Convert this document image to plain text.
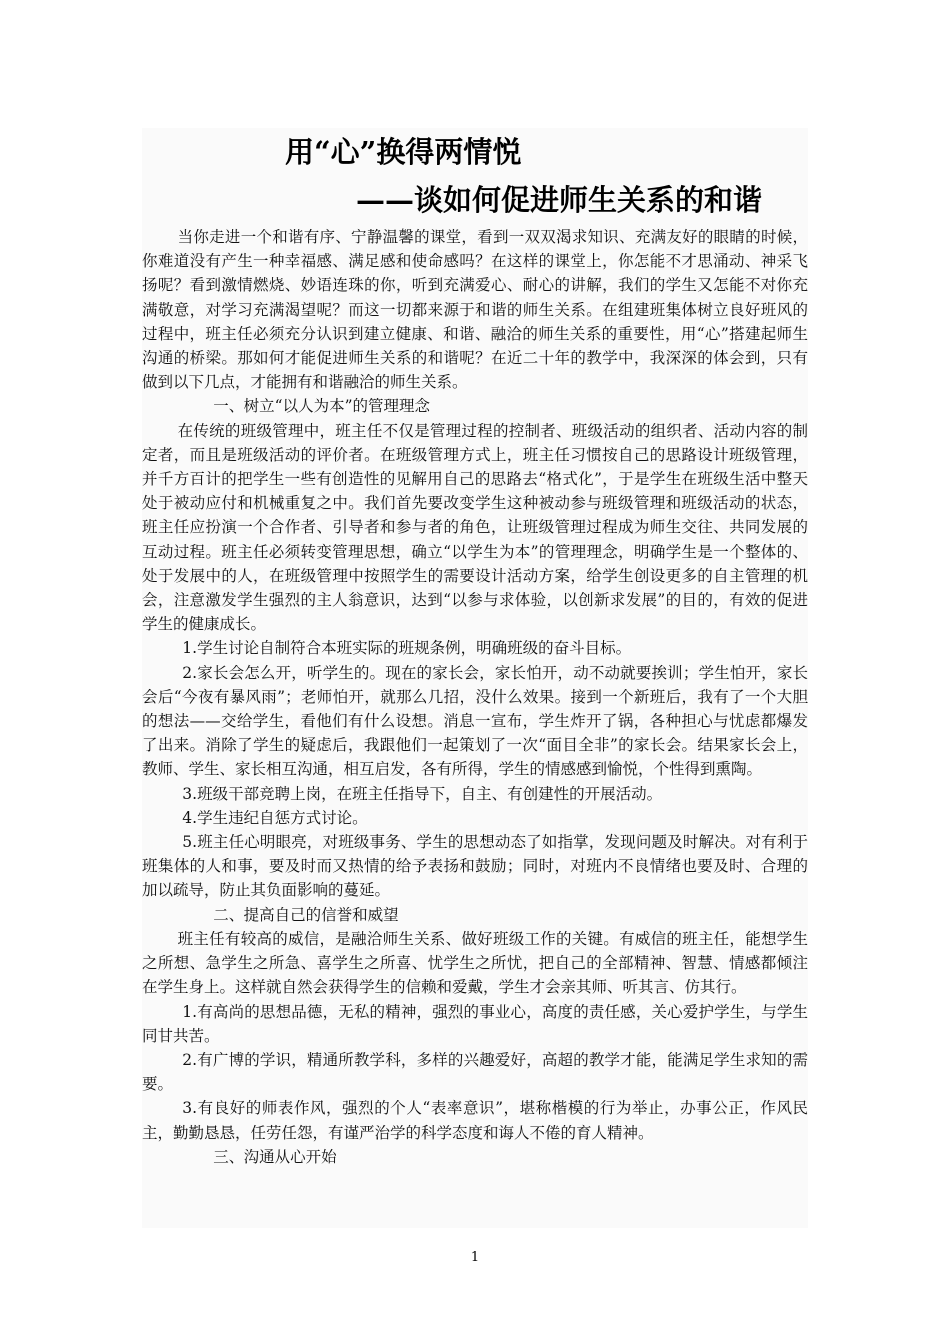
用“心”换得两情悦
——谈如何促进师生关系的和谐

当你走进一个和谐有序、宁静温馨的课堂，看到一双双渴求知识、充满友好的眼睛的时候，你难道没有产生一种幸福感、满足感和使命感吗？在这样的课堂上，你怎能不才思涌动、神采飞扬呢？看到激情燃烧、妙语连珠的你，听到充满爱心、耐心的讲解，我们的学生又怎能不对你充满敬意，对学习充满渴望呢？而这一切都来源于和谐的师生关系。在组建班集体树立良好班风的过程中，班主任必须充分认识到建立健康、和谐、融洽的师生关系的重要性，用“心”搭建起师生沟通的桥梁。那如何才能促进师生关系的和谐呢？在近二十年的教学中，我深深的体会到，只有做到以下几点，才能拥有和谐融洽的师生关系。

一、树立“以人为本”的管理理念

在传统的班级管理中，班主任不仅是管理过程的控制者、班级活动的组织者、活动内容的制定者，而且是班级活动的评价者。在班级管理方式上，班主任习惯按自己的思路设计班级管理，并千方百计的把学生一些有创造性的见解用自己的思路去“格式化”，于是学生在班级生活中整天处于被动应付和机械重复之中。我们首先要改变学生这种被动参与班级管理和班级活动的状态，班主任应扮演一个合作者、引导者和参与者的角色，让班级管理过程成为师生交往、共同发展的互动过程。班主任必须转变管理思想，确立“以学生为本”的管理理念，明确学生是一个整体的、处于发展中的人，在班级管理中按照学生的需要设计活动方案，给学生创设更多的自主管理的机会，注意激发学生强烈的主人翁意识，达到“以参与求体验，以创新求发展”的目的，有效的促进学生的健康成长。

1.学生讨论自制符合本班实际的班规条例，明确班级的奋斗目标。

2.家长会怎么开，听学生的。现在的家长会，家长怕开，动不动就要挨训；学生怕开，家长会后“今夜有暴风雨”；老师怕开，就那么几招，没什么效果。接到一个新班后，我有了一个大胆的想法——交给学生，看他们有什么设想。消息一宣布，学生炸开了锅，各种担心与忧虑都爆发了出来。消除了学生的疑虑后，我跟他们一起策划了一次“面目全非”的家长会。结果家长会上，教师、学生、家长相互沟通，相互启发，各有所得，学生的情感感到愉悦，个性得到熏陶。

3.班级干部竞聘上岗，在班主任指导下，自主、有创建性的开展活动。

4.学生违纪自惩方式讨论。

5.班主任心明眼亮，对班级事务、学生的思想动态了如指掌，发现问题及时解决。对有利于班集体的人和事，要及时而又热情的给予表扬和鼓励；同时，对班内不良情绪也要及时、合理的加以疏导，防止其负面影响的蔓延。

二、提高自己的信誉和威望

班主任有较高的威信，是融洽师生关系、做好班级工作的关键。有威信的班主任，能想学生之所想、急学生之所急、喜学生之所喜、忧学生之所忧，把自己的全部精神、智慧、情感都倾注在学生身上。这样就自然会获得学生的信赖和爱戴，学生才会亲其师、听其言、仿其行。

1.有高尚的思想品德，无私的精神，强烈的事业心，高度的责任感，关心爱护学生，与学生同甘共苦。

2.有广博的学识，精通所教学科，多样的兴趣爱好，高超的教学才能，能满足学生求知的需要。

3.有良好的师表作风，强烈的个人“表率意识”，堪称楷模的行为举止，办事公正，作风民主，勤勤恳恳，任劳任怨，有谨严治学的科学态度和诲人不倦的育人精神。

三、沟通从心开始

1
